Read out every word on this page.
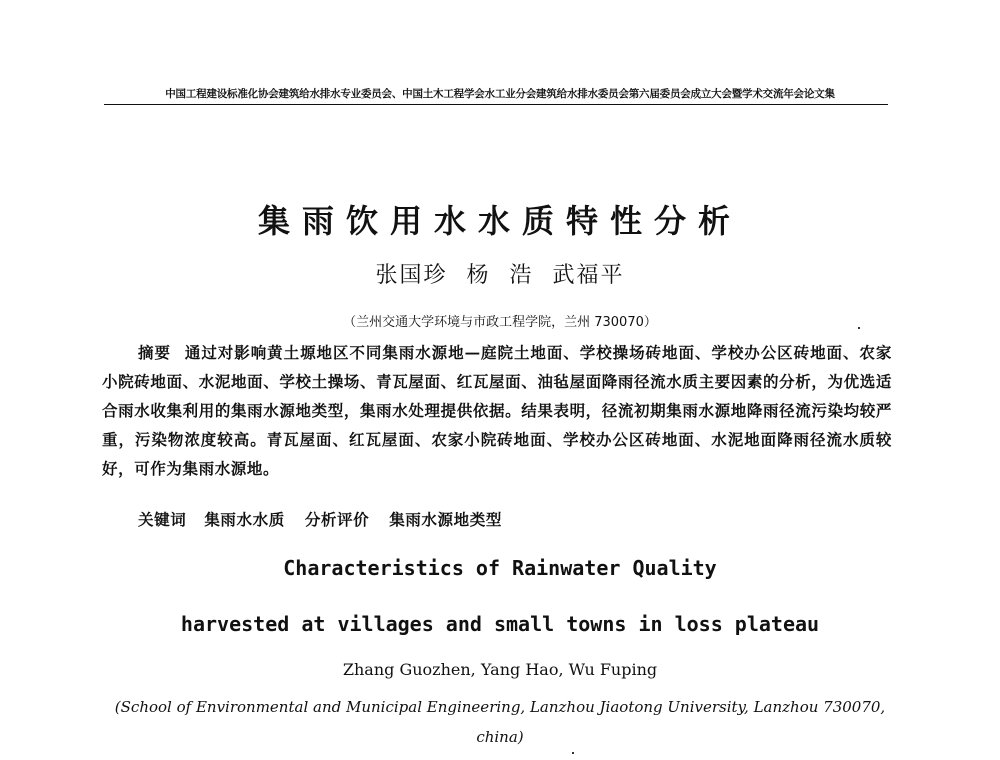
中国工程建设标准化协会建筑给水排水专业委员会、中国土木工程学会水工业分会建筑给水排水委员会第六届委员会成立大会暨学术交流年会论文集
集雨饮用水水质特性分析
张国珍 杨 浩 武福平
（兰州交通大学环境与市政工程学院，兰州 730070）
摘要 通过对影响黄土塬地区不同集雨水源地—庭院土地面、学校操场砖地面、学校办公区砖地面、农家小院砖地面、水泥地面、学校土操场、青瓦屋面、红瓦屋面、油毡屋面降雨径流水质主要因素的分析，为优选适合雨水收集利用的集雨水源地类型，集雨水处理提供依据。结果表明，径流初期集雨水源地降雨径流污染均较严重，污染物浓度较高。青瓦屋面、红瓦屋面、农家小院砖地面、学校办公区砖地面、水泥地面降雨径流水质较好，可作为集雨水源地。
关键词 集雨水水质 分析评价 集雨水源地类型
Characteristics of Rainwater Quality
harvested at villages and small towns in loss plateau
Zhang Guozhen, Yang Hao, Wu Fuping
(School of Environmental and Municipal Engineering, Lanzhou Jiaotong University, Lanzhou 730070, china)
